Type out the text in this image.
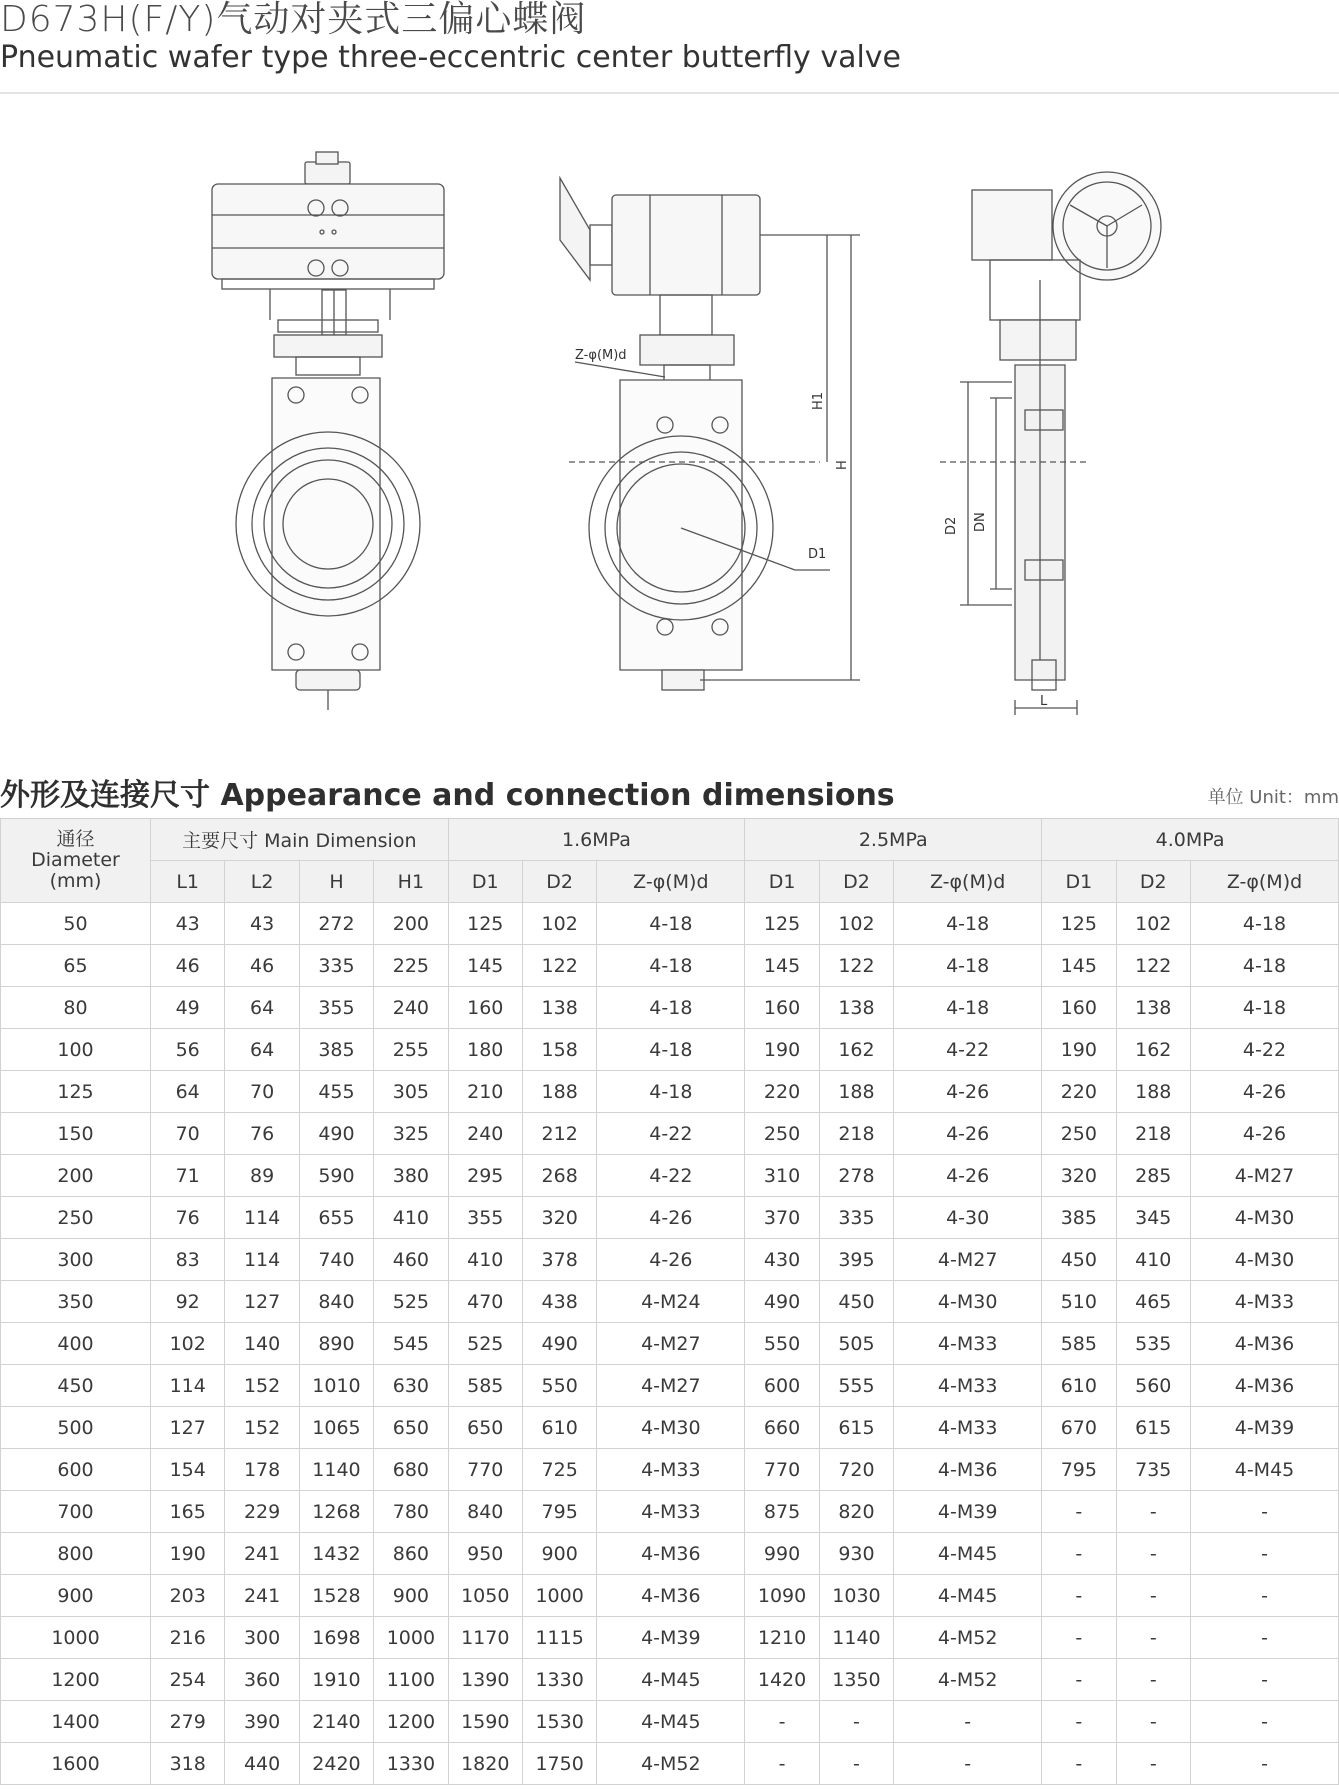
D673H(F/Y)气动对夹式三偏心蝶阀
Pneumatic wafer type three-eccentric center butterfly valve
Z-φ(M)d
D1
H1
H
D2 DN
L
外形及连接尺寸 Appearance and connection dimensions	单位 Unit：mm
通径
Diameter
(mm)	主要尺寸 Main Dimension				1.6MPa			2.5MPa			4.0MPa		
	L1	L2	H	H1	D1	D2	Z-φ(M)d	D1	D2	Z-φ(M)d	D1	D2	Z-φ(M)d
50	43	43	272	200	125	102	4-18	125	102	4-18	125	102	4-18
65	46	46	335	225	145	122	4-18	145	122	4-18	145	122	4-18
80	49	64	355	240	160	138	4-18	160	138	4-18	160	138	4-18
100	56	64	385	255	180	158	4-18	190	162	4-22	190	162	4-22
125	64	70	455	305	210	188	4-18	220	188	4-26	220	188	4-26
150	70	76	490	325	240	212	4-22	250	218	4-26	250	218	4-26
200	71	89	590	380	295	268	4-22	310	278	4-26	320	285	4-M27
250	76	114	655	410	355	320	4-26	370	335	4-30	385	345	4-M30
300	83	114	740	460	410	378	4-26	430	395	4-M27	450	410	4-M30
350	92	127	840	525	470	438	4-M24	490	450	4-M30	510	465	4-M33
400	102	140	890	545	525	490	4-M27	550	505	4-M33	585	535	4-M36
450	114	152	1010	630	585	550	4-M27	600	555	4-M33	610	560	4-M36
500	127	152	1065	650	650	610	4-M30	660	615	4-M33	670	615	4-M39
600	154	178	1140	680	770	725	4-M33	770	720	4-M36	795	735	4-M45
700	165	229	1268	780	840	795	4-M33	875	820	4-M39	-	-	-
800	190	241	1432	860	950	900	4-M36	990	930	4-M45	-	-	-
900	203	241	1528	900	1050	1000	4-M36	1090	1030	4-M45	-	-	-
1000	216	300	1698	1000	1170	1115	4-M39	1210	1140	4-M52	-	-	-
1200	254	360	1910	1100	1390	1330	4-M45	1420	1350	4-M52	-	-	-
1400	279	390	2140	1200	1590	1530	4-M45	-	-	-	-	-	-
1600	318	440	2420	1330	1820	1750	4-M52	-	-	-	-	-	-
